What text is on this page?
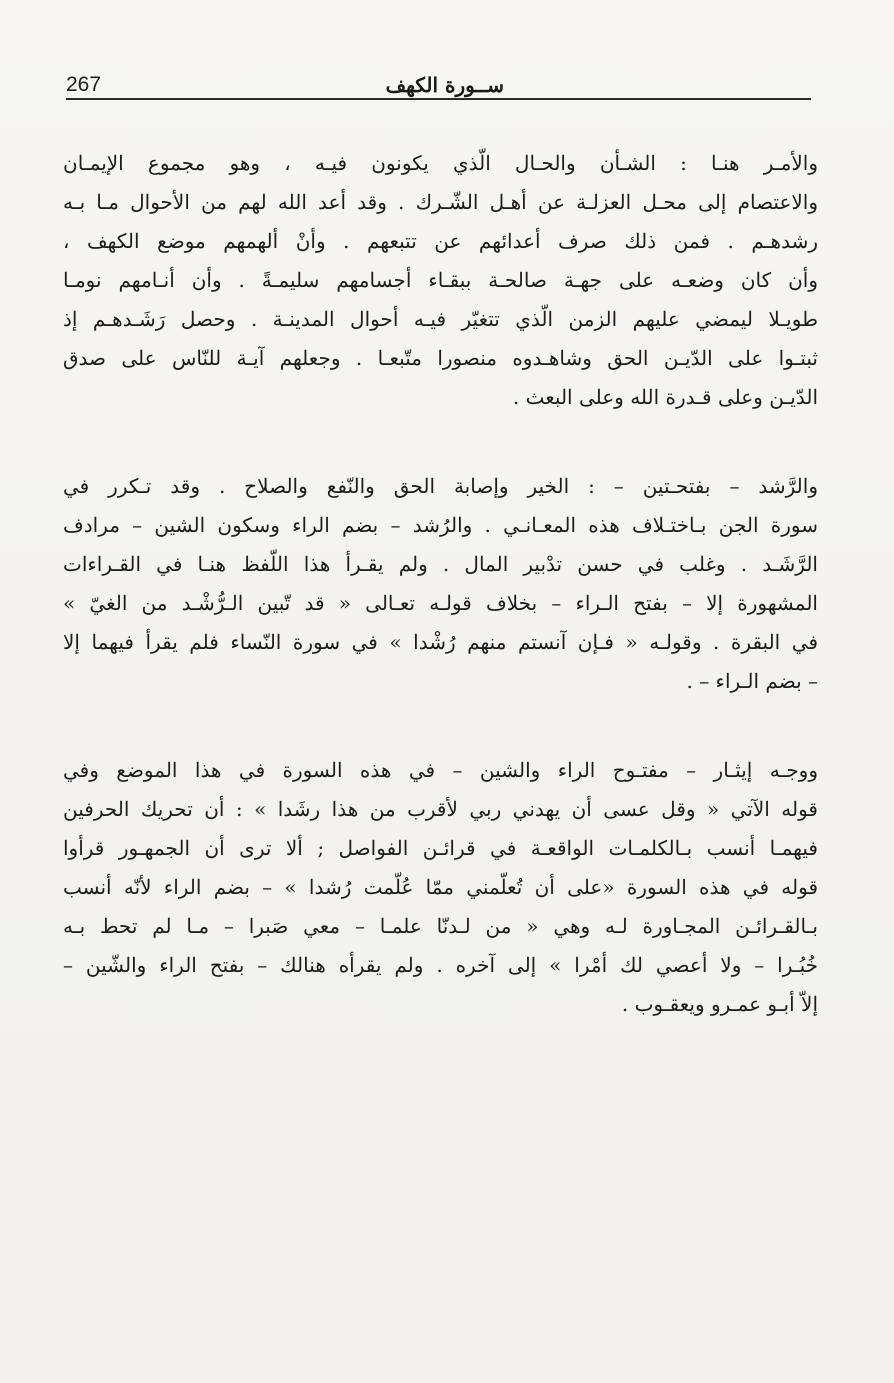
267	ســورة الكهف
والأمـر هنـا : الشـأن والحـال الّذي يكونون فيـه ، وهو مجموع الإيمـان
والاعتصام إلى محـل العزلـة عن أهـل الشّـرك . وقد أعد الله لهم من الأحوال مـا بـه
رشدهـم . فمن ذلك صرف أعدائهم عن تتبعهم . وأنْ ألهمهم موضع الكهف ،
وأن كان وضعـه على جهـة صالحـة ببقـاء أجسامهم سليمـةً . وأن أنـامهم نومـا
طويـلا ليمضي عليهم الزمن الّذي تتغيّر فيـه أحوال المدينـة . وحصل رَشَـدهـم إذ
ثبتـوا على الدّيـن الحق وشاهـدوه منصورا متّبعـا . وجعلهم آيـة للنّاس على صدق
الدّيـن وعلى قـدرة الله وعلى البعث .
والرَّشد – بفتحـتين – : الخير وإصابة الحق والنّفع والصلاح . وقد تـكرر في
سورة الجن بـاختـلاف هذه المعـانـي . والرُشد – بضم الراء وسكون الشين – مرادف
الرَّشَـد . وغلب في حسن تدْبير المال . ولم يقـرأ هذا اللّفظ هنـا في القـراءات
المشهورة إلا – بفتح الـراء – بخلاف قولـه تعـالى « قد تّبين الـرُّشْـد من الغيّ »
في البقرة . وقولـه « فـإن آنستم منهم رُشْدا » في سورة النّساء فلم يقرأ فيهما إلا
– بضم الـراء – .
ووجـه إيثـار – مفتـوح الراء والشين – في هذه السورة في هذا الموضع وفي
قوله الآتي « وقل عسى أن يهدني ربي لأقرب من هذا رشَدا » : أن تحريك الحرفين
فيهمـا أنسب بـالكلمـات الواقعـة في قرائـن الفواصل ; ألا ترى أن الجمهـور قرأوا
قوله في هذه السورة «على أن تُعلّمني ممّا عُلّمت رُشدا » – بضم الراء لأنّه أنسب
بـالقـرائـن المجـاورة لـه وهي « من لـدنّا علمـا – معي صَبرا – مـا لم تحط بـه
خُبُـرا – ولا أعصي لك أمْرا » إلى آخره . ولم يقرأه هنالك – بفتح الراء والشّين –
إلاّ أبـو عمـرو ويعقـوب .
